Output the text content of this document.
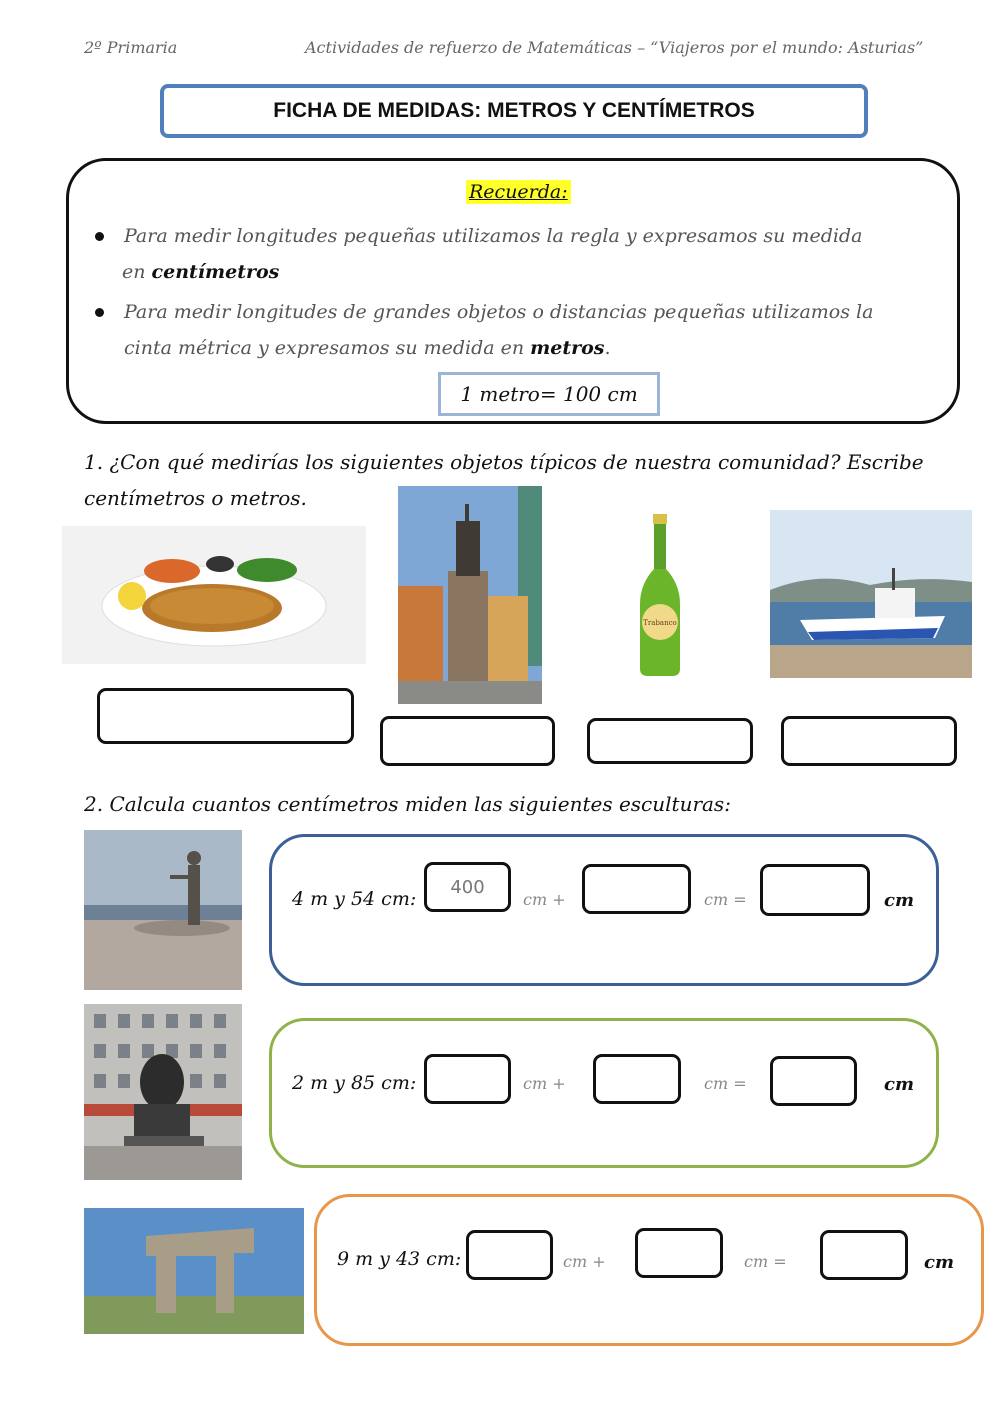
2º Primaria	Actividades de refuerzo de Matemáticas – “Viajeros por el mundo: Asturias”
FICHA DE MEDIDAS: METROS Y CENTÍMETROS
Recuerda:
Para medir longitudes pequeñas utilizamos la regla y expresamos su medida
en centímetros
Para medir longitudes de grandes objetos o distancias pequeñas utilizamos la
cinta métrica y expresamos su medida en metros.
1 metro= 100 cm
1. ¿Con qué medirías los siguientes objetos típicos de nuestra comunidad? Escribe
centímetros o metros.
Trabanco
2. Calcula cuantos centímetros miden las siguientes esculturas:
4 m y 54 cm:
400
cm +	cm =	cm
2 m y 85 cm:	cm +	cm =	cm
9 m y 43 cm:	cm +	cm =	cm
